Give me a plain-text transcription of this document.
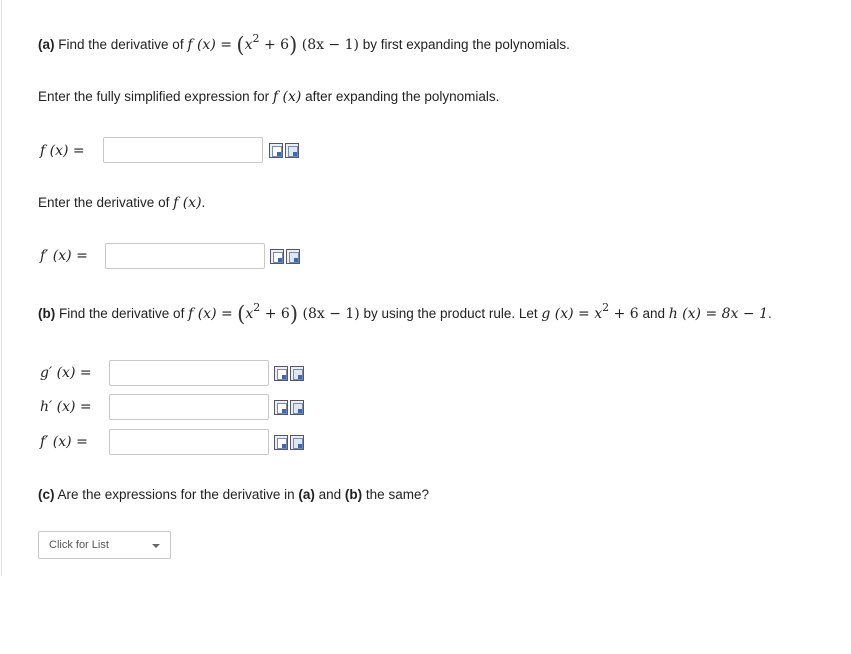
(a) Find the derivative of f $(x) = (x^2 + 6) (8x - 1)$ by first expanding the polynomials.
Enter the fully simplified expression for f (x) after expanding the polynomials.
f (x) =
Enter the derivative of f (x).
f′ (x) =
(b) Find the derivative of f $(x) = (x^2 + 6) (8x - 1)$ by using the product rule. Let g $(x) = x^2 + 6$ and h (x) = 8x − 1.
g′ (x) =
h′ (x) =
f′ (x) =
(c) Are the expressions for the derivative in (a) and (b) the same?
Click for List
